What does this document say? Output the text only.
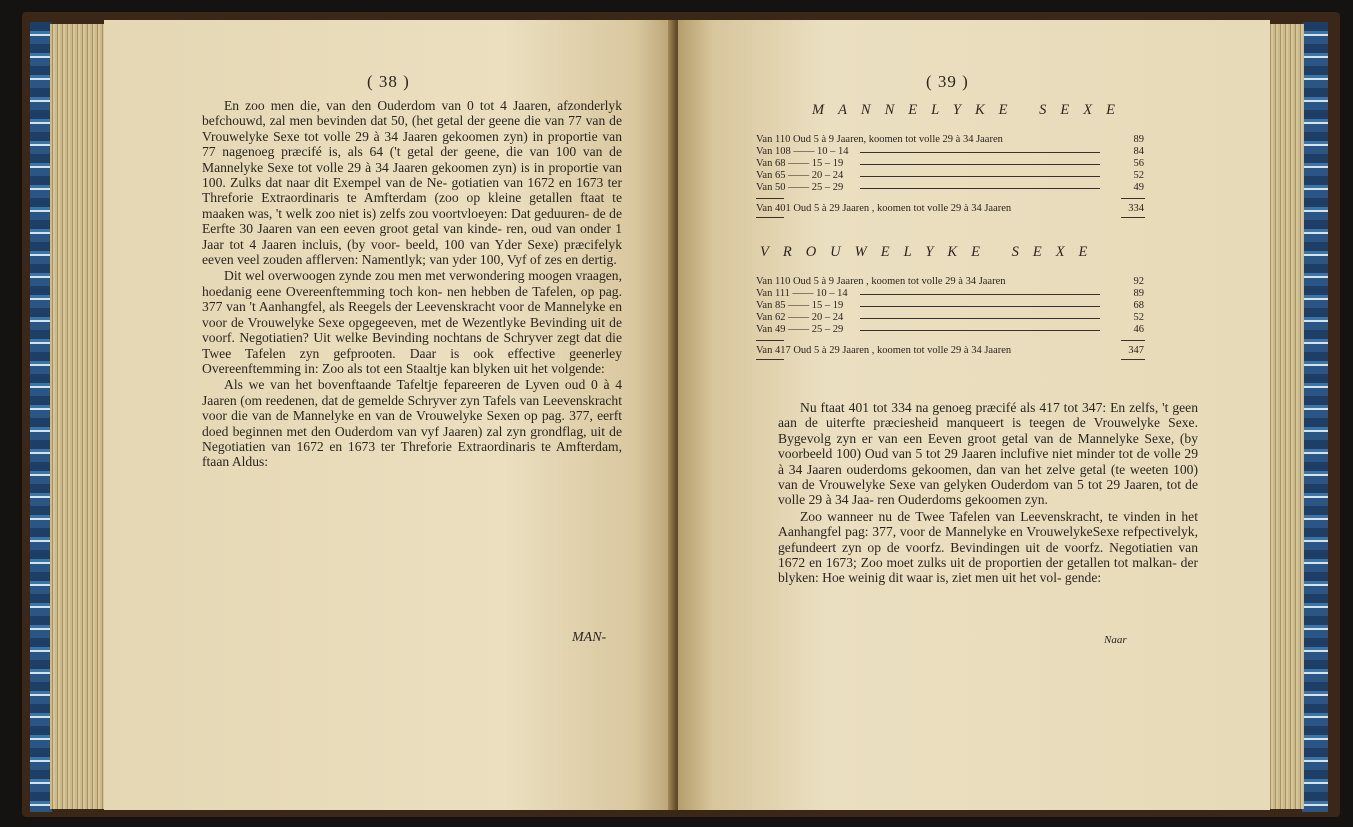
( 38 )

En zoo men die, van den Ouderdom van 0 tot 4 Jaaren, afzonderlyk befchouwd, zal men bevinden dat 50, (het getal der geene die van 77 van de Vrouwelyke Sexe tot volle 29 à 34 Jaaren gekoomen zyn) in proportie van 77 nagenoeg præcifé is, als 64 ('t getal der geene, die van 100 van de Mannelyke Sexe tot volle 29 à 34 Jaaren gekoomen zyn) is in proportie van 100. Zulks dat naar dit Exempel van de Ne- gotiatien van 1672 en 1673 ter Threforie Extraordinaris te Amfterdam (zoo op kleine getallen ftaat te maaken was, 't welk zoo niet is) zelfs zou voortvloeyen: Dat geduuren- de de Eerfte 30 Jaaren van een eeven groot getal van kinde- ren, oud van onder 1 Jaar tot 4 Jaaren incluis, (by voor- beeld, 100 van Yder Sexe) præcifelyk eeven veel zouden afflerven: Namentlyk; van yder 100, Vyf of zes en dertig.

Dit wel overwoogen zynde zou men met verwondering moogen vraagen, hoedanig eene Overeenftemming toch kon- nen hebben de Tafelen, op pag. 377 van 't Aanhangfel, als Reegels der Leevenskracht voor de Mannelyke en voor de Vrouwelyke Sexe opgegeeven, met de Wezentlyke Bevinding uit de voorf. Negotiatien? Uit welke Bevinding nochtans de Schryver zegt dat die Twee Tafelen zyn gefprooten. Daar is ook effective geenerley Overeenftemming in: Zoo als tot een Staaltje kan blyken uit het volgende:

Als we van het bovenftaande Tafeltje fepareeren de Lyven oud 0 à 4 Jaaren (om reedenen, dat de gemelde Schryver zyn Tafels van Leevenskracht voor die van de Mannelyke en van de Vrouwelyke Sexen op pag. 377, eerft doed beginnen met den Ouderdom van vyf Jaaren) zal zyn grondflag, uit de Negotiatien van 1672 en 1673 ter Threforie Extraordinaris te Amfterdam, ftaan Aldus:

MAN-
( 39 )
MANNELYKE SEXE
Van 110 Oud 5 à 9 Jaaren, koomen tot volle 29 à 34 Jaaren	89
Van 108 —— 10 – 14	84
Van 68 —— 15 – 19	56
Van 65 —— 20 – 24	52
Van 50 —— 25 – 29	49
Van 401 Oud 5 à 29 Jaaren , koomen tot volle 29 à 34 Jaaren	334
VROUWELYKE SEXE
Van 110 Oud 5 à 9 Jaaren , koomen tot volle 29 à 34 Jaaren	92
Van 111 —— 10 – 14	89
Van 85 —— 15 – 19	68
Van 62 —— 20 – 24	52
Van 49 —— 25 – 29	46
Van 417 Oud 5 à 29 Jaaren , koomen tot volle 29 à 34 Jaaren	347

Nu ftaat 401 tot 334 na genoeg præcifé als 417 tot 347: En zelfs, 't geen aan de uiterfte præciesheid manqueert is teegen de Vrouwelyke Sexe. Bygevolg zyn er van een Eeven groot getal van de Mannelyke Sexe, (by voorbeeld 100) Oud van 5 tot 29 Jaaren inclufive niet minder tot de volle 29 à 34 Jaaren ouderdoms gekoomen, dan van het zelve getal (te weeten 100) van de Vrouwelyke Sexe van gelyken Ouderdom van 5 tot 29 Jaaren, tot de volle 29 à 34 Jaa- ren Ouderdoms gekoomen zyn.

Zoo wanneer nu de Twee Tafelen van Leevenskracht, te vinden in het Aanhangfel pag: 377, voor de Mannelyke en VrouwelykeSexe refpectivelyk, gefundeert zyn op de voorfz. Bevindingen uit de voorfz. Negotiatien van 1672 en 1673; Zoo moet zulks uit de proportien der getallen tot malkan- der blyken: Hoe weinig dit waar is, ziet men uit het vol- gende:

Naar
